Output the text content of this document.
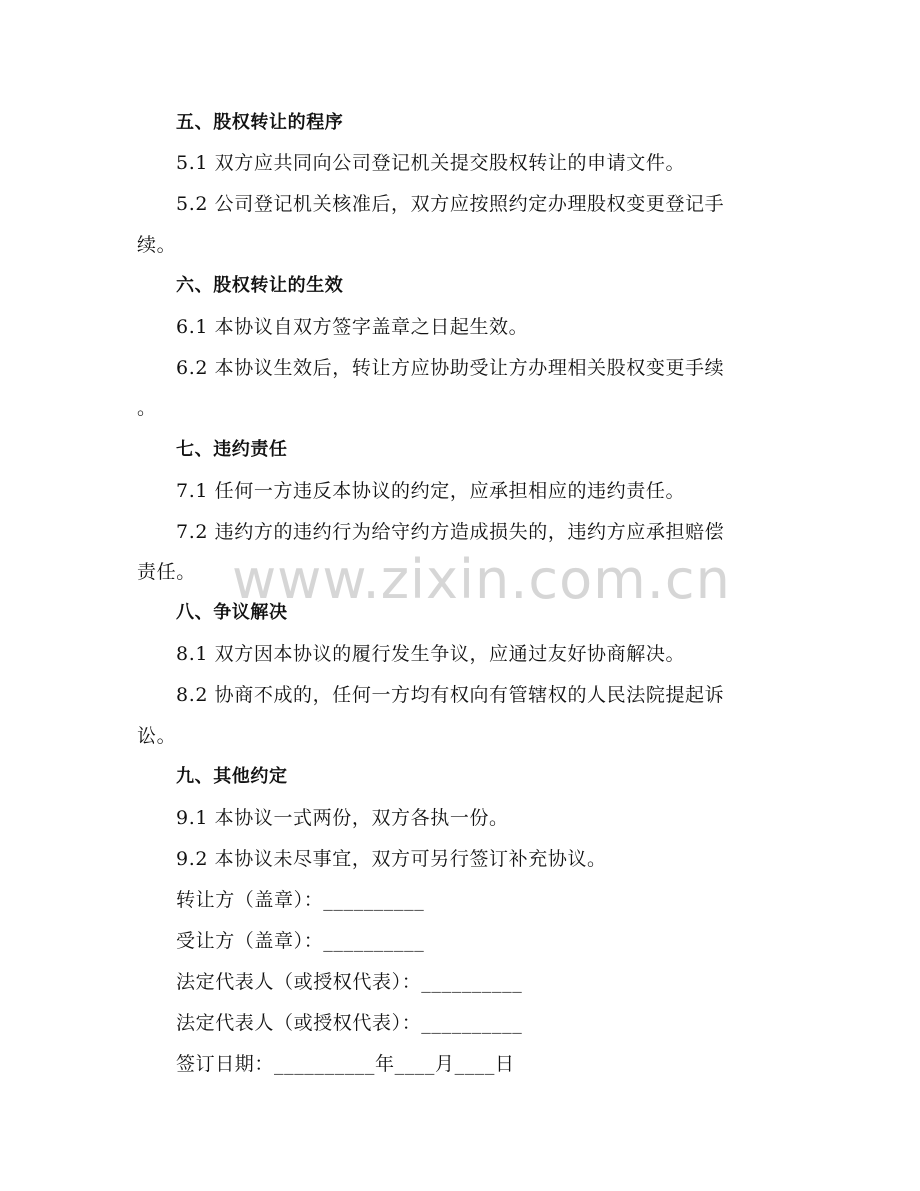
五、股权转让的程序
5.1 双方应共同向公司登记机关提交股权转让的申请文件。
5.2 公司登记机关核准后，双方应按照约定办理股权变更登记手
续。
六、股权转让的生效
6.1 本协议自双方签字盖章之日起生效。
6.2 本协议生效后，转让方应协助受让方办理相关股权变更手续
。
七、违约责任
7.1 任何一方违反本协议的约定，应承担相应的违约责任。
7.2 违约方的违约行为给守约方造成损失的，违约方应承担赔偿
责任。
八、争议解决
8.1 双方因本协议的履行发生争议，应通过友好协商解决。
8.2 协商不成的，任何一方均有权向有管辖权的人民法院提起诉
讼。
九、其他约定
9.1 本协议一式两份，双方各执一份。
9.2 本协议未尽事宜，双方可另行签订补充协议。
转让方（盖章）：__________
受让方（盖章）：__________
法定代表人（或授权代表）：__________
法定代表人（或授权代表）：__________
签订日期：__________年____月____日
www.zixin.com.cn
